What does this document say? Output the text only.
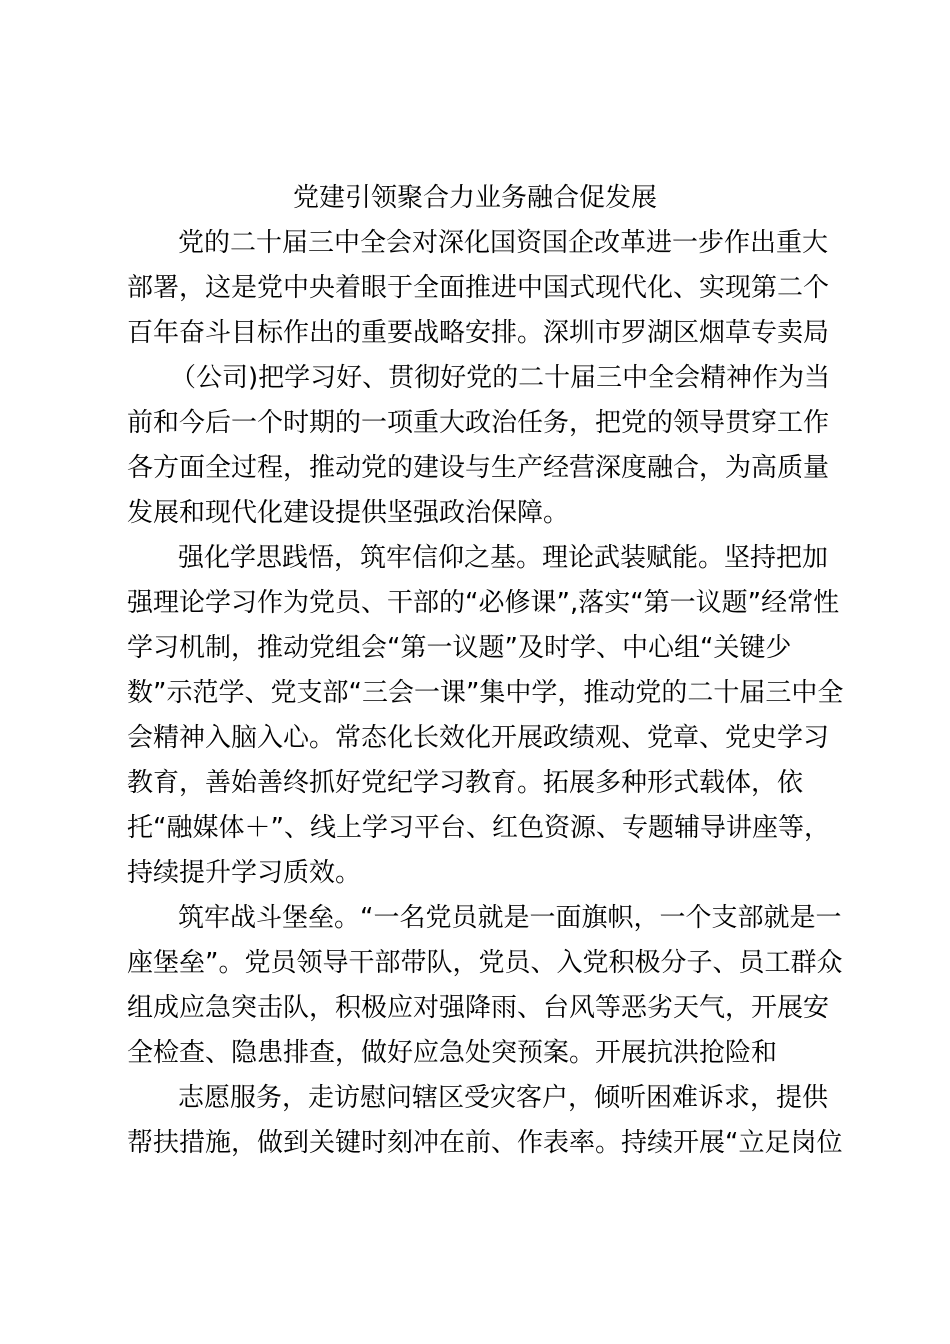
党建引领聚合力业务融合促发展
党的二十届三中全会对深化国资国企改革进一步作出重大
部署，这是党中央着眼于全面推进中国式现代化、实现第二个
百年奋斗目标作出的重要战略安排。深圳市罗湖区烟草专卖局
（公司)把学习好、贯彻好党的二十届三中全会精神作为当
前和今后一个时期的一项重大政治任务，把党的领导贯穿工作
各方面全过程，推动党的建设与生产经营深度融合，为高质量
发展和现代化建设提供坚强政治保障。
强化学思践悟，筑牢信仰之基。理论武装赋能。坚持把加
强理论学习作为党员、干部的“必修课”,落实“第一议题”经常性
学习机制，推动党组会“第一议题”及时学、中心组“关键少
数”示范学、党支部“三会一课”集中学，推动党的二十届三中全
会精神入脑入心。常态化长效化开展政绩观、党章、党史学习
教育，善始善终抓好党纪学习教育。拓展多种形式载体，依
托“融媒体＋”、线上学习平台、红色资源、专题辅导讲座等，
持续提升学习质效。
筑牢战斗堡垒。“一名党员就是一面旗帜，一个支部就是一
座堡垒”。党员领导干部带队，党员、入党积极分子、员工群众
组成应急突击队，积极应对强降雨、台风等恶劣天气，开展安
全检查、隐患排查，做好应急处突预案。开展抗洪抢险和
志愿服务，走访慰问辖区受灾客户，倾听困难诉求，提供
帮扶措施，做到关键时刻冲在前、作表率。持续开展“立足岗位
